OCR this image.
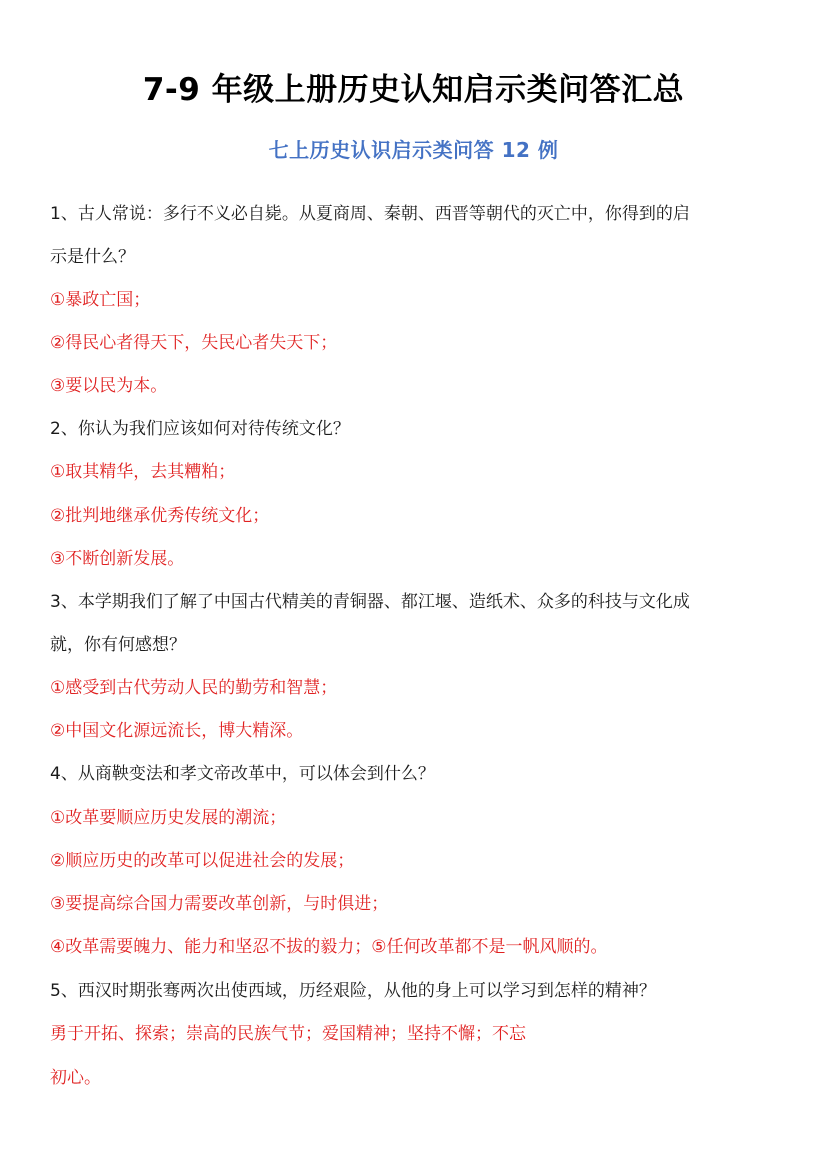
7-9 年级上册历史认知启示类问答汇总
七上历史认识启示类问答 12 例
1、古人常说：多行不义必自毙。从夏商周、秦朝、西晋等朝代的灭亡中，你得到的启
示是什么？
①暴政亡国；
②得民心者得天下，失民心者失天下；
③要以民为本。
2、你认为我们应该如何对待传统文化？
①取其精华，去其糟粕；
②批判地继承优秀传统文化；
③不断创新发展。
3、本学期我们了解了中国古代精美的青铜器、都江堰、造纸术、众多的科技与文化成
就，你有何感想？
①感受到古代劳动人民的勤劳和智慧；
②中国文化源远流长，博大精深。
4、从商鞅变法和孝文帝改革中，可以体会到什么？
①改革要顺应历史发展的潮流；
②顺应历史的改革可以促进社会的发展；
③要提高综合国力需要改革创新，与时俱进；
④改革需要魄力、能力和坚忍不拔的毅力；⑤任何改革都不是一帆风顺的。
5、西汉时期张骞两次出使西域，历经艰险，从他的身上可以学习到怎样的精神？
勇于开拓、探索；崇高的民族气节；爱国精神；坚持不懈；不忘
初心。
